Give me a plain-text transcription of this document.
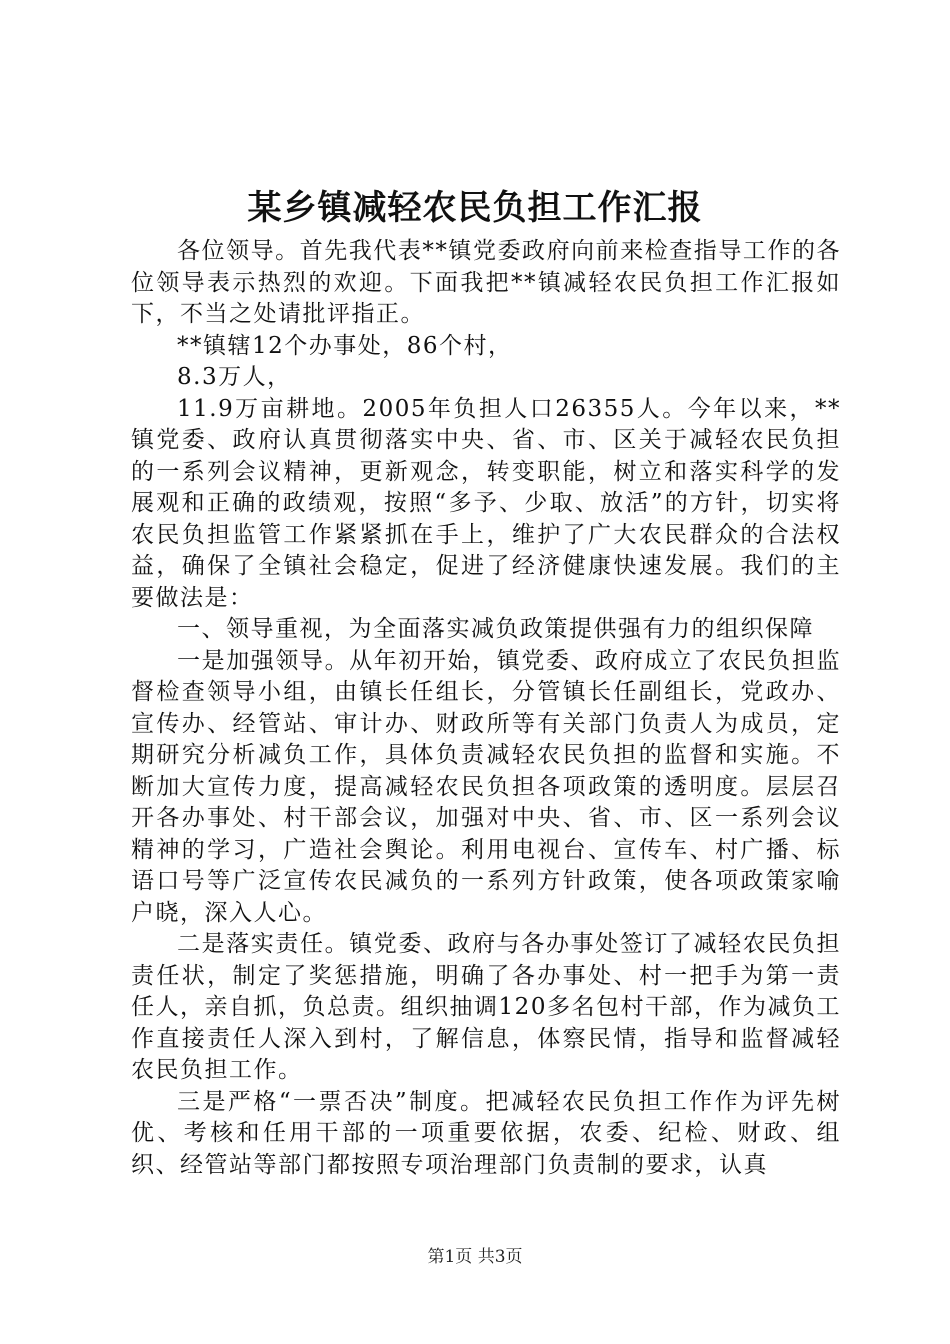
某乡镇减轻农民负担工作汇报

各位领导。首先我代表**镇党委政府向前来检查指导工作的各位领导表示热烈的欢迎。下面我把**镇减轻农民负担工作汇报如下，不当之处请批评指正。

**镇辖12个办事处，86个村，

8.3万人，

11.9万亩耕地。2005年负担人口26355人。今年以来，**镇党委、政府认真贯彻落实中央、省、市、区关于减轻农民负担的一系列会议精神，更新观念，转变职能，树立和落实科学的发展观和正确的政绩观，按照“多予、少取、放活”的方针，切实将农民负担监管工作紧紧抓在手上，维护了广大农民群众的合法权益，确保了全镇社会稳定，促进了经济健康快速发展。我们的主要做法是：

一、领导重视，为全面落实减负政策提供强有力的组织保障

一是加强领导。从年初开始，镇党委、政府成立了农民负担监督检查领导小组，由镇长任组长，分管镇长任副组长，党政办、宣传办、经管站、审计办、财政所等有关部门负责人为成员，定期研究分析减负工作，具体负责减轻农民负担的监督和实施。不断加大宣传力度，提高减轻农民负担各项政策的透明度。层层召开各办事处、村干部会议，加强对中央、省、市、区一系列会议精神的学习，广造社会舆论。利用电视台、宣传车、村广播、标语口号等广泛宣传农民减负的一系列方针政策，使各项政策家喻户晓，深入人心。

二是落实责任。镇党委、政府与各办事处签订了减轻农民负担责任状，制定了奖惩措施，明确了各办事处、村一把手为第一责任人，亲自抓，负总责。组织抽调120多名包村干部，作为减负工作直接责任人深入到村，了解信息，体察民情，指导和监督减轻农民负担工作。

三是严格“一票否决”制度。把减轻农民负担工作作为评先树优、考核和任用干部的一项重要依据，农委、纪检、财政、组织、经管站等部门都按照专项治理部门负责制的要求，认真

第1页 共3页
